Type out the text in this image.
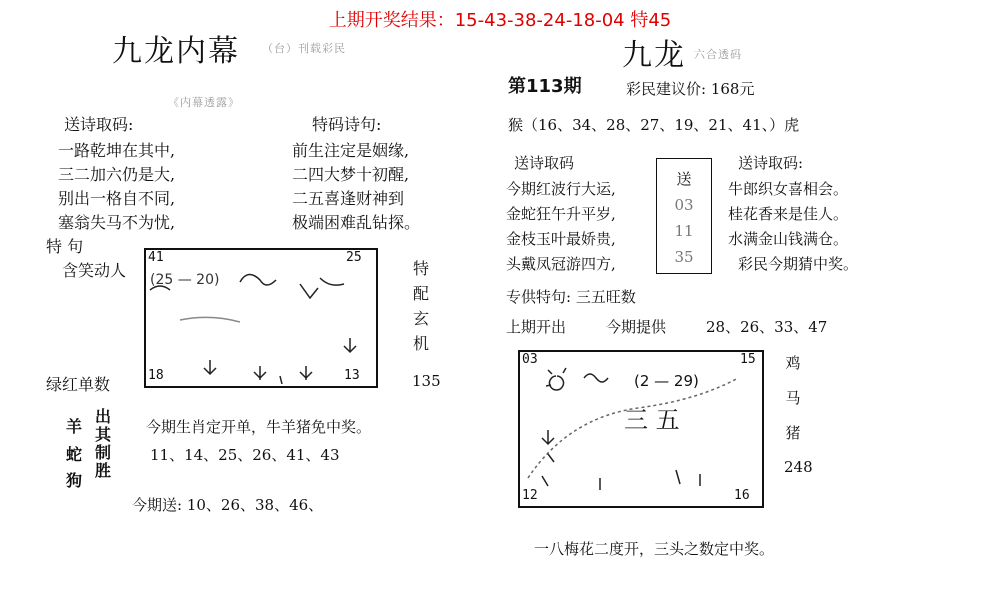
上期开奖结果：15-43-38-24-18-04 特45
九龙内幕 （台）刊载彩民
《内幕透露》
送诗取码:
一路乾坤在其中,
三二加六仍是大,
别出一格自不同,
塞翁失马不为忧,
特码诗句:
前生注定是姻缘,
二四大梦十初醒,
二五喜逢财神到
极端困难乱钻探。
特 句
含笑动人
绿红单数	135
特
配
玄
机
41	25
18	13
(25 — 20)
羊
蛇
狗
出
其
制
胜
今期生肖定开单，牛羊猪免中奖。
11、14、25、26、41、43
今期送: 10、26、38、46、
九龙 六合透码
第113期	彩民建议价: 168元
猴（16、34、28、27、19、21、41、）虎
送诗取码	送诗取码:
今期红波行大运,
金蛇狂午升平岁,
金枝玉叶最娇贵,
头戴凤冠游四方,
牛郎织女喜相会。
桂花香来是佳人。
水满金山钱满仓。
彩民今期猜中奖。
送
03
11
35
专供特句: 三五旺数
上期开出	今期提供	28、26、33、47
03	15
12	16
(2 — 29)
三 五
鸡
马
猪
248
一八梅花二度开，三头之数定中奖。
